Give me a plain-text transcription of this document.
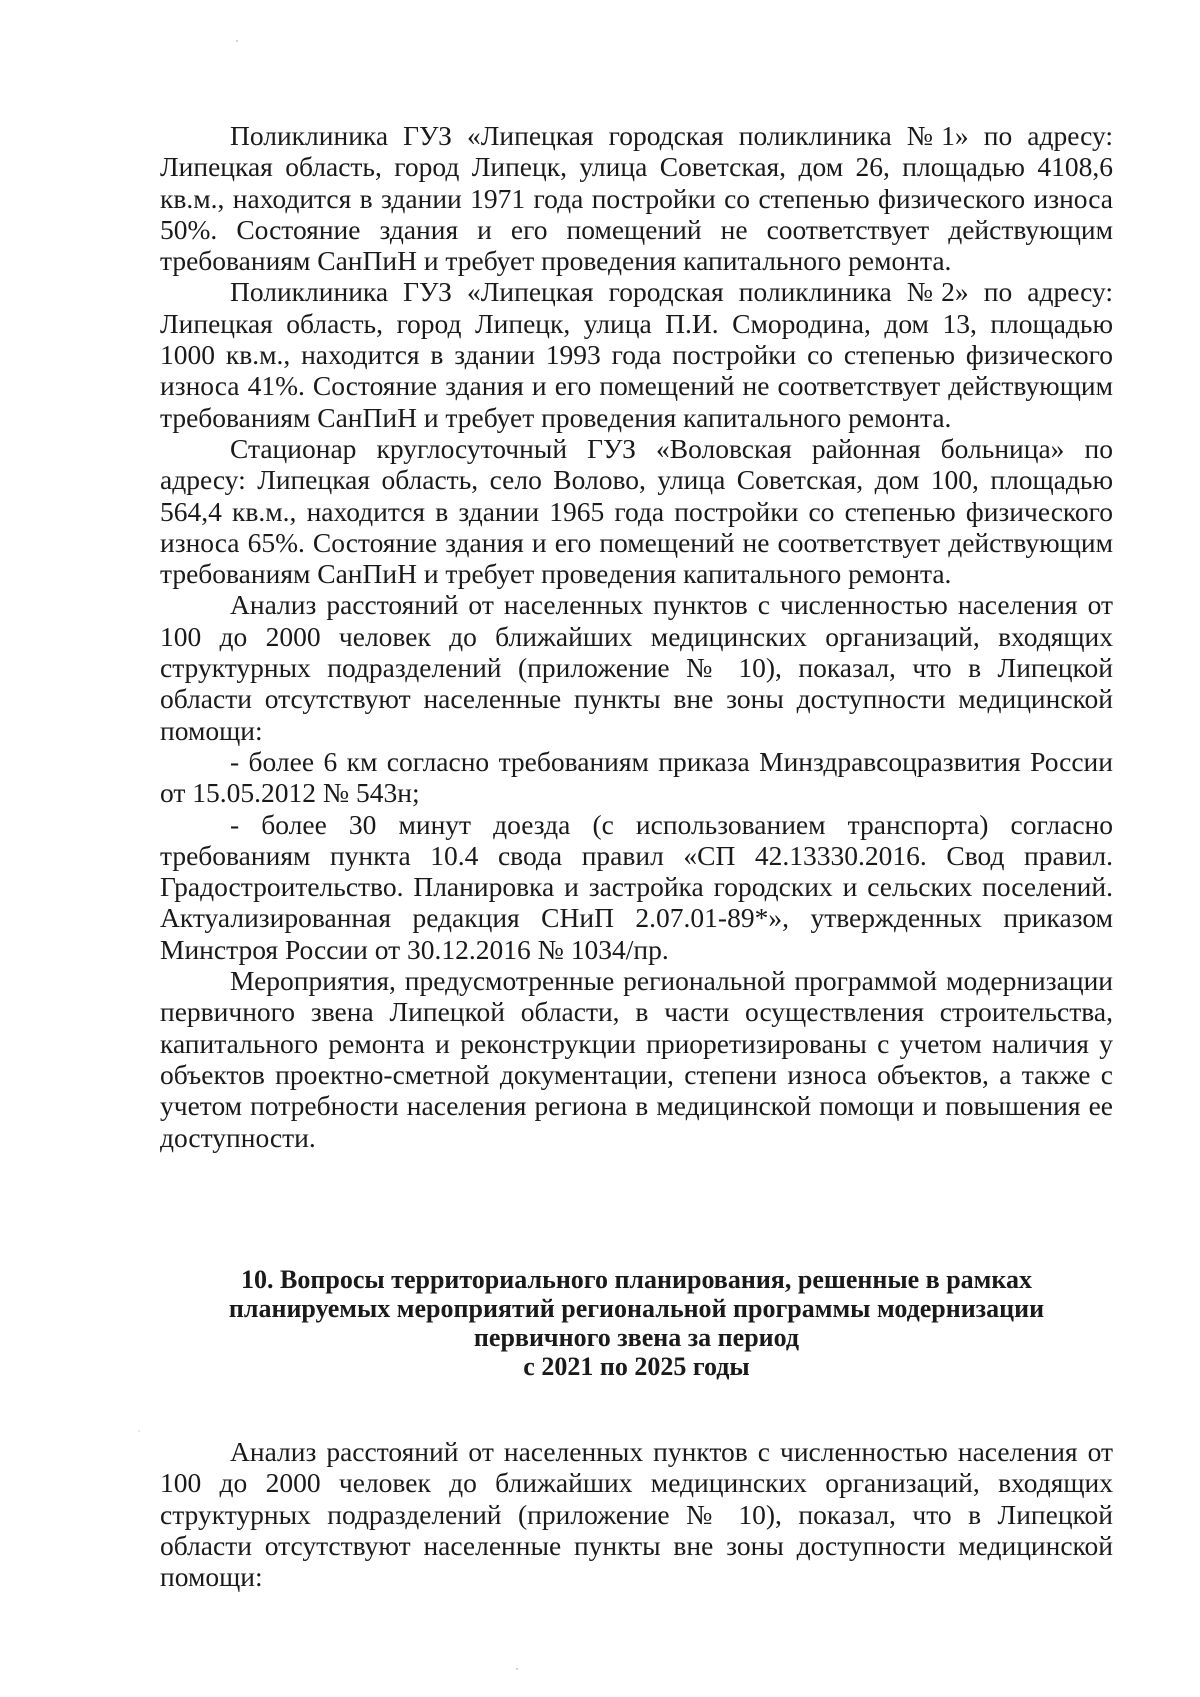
Поликлиника ГУЗ «Липецкая городская поликлиника №1» по адресу: Липецкая область, город Липецк, улица Советская, дом 26, площадью 4108,6 кв.м., находится в здании 1971 года постройки со степенью физического износа 50%. Состояние здания и его помещений не соответствует действующим требованиям СанПиН и требует проведения капитального ремонта.

Поликлиника ГУЗ «Липецкая городская поликлиника №2» по адресу: Липецкая область, город Липецк, улица П.И. Смородина, дом 13, площадью 1000 кв.м., находится в здании 1993 года постройки со степенью физического износа 41%. Состояние здания и его помещений не соответствует действующим требованиям СанПиН и требует проведения капитального ремонта.

Стационар круглосуточный ГУЗ «Воловская районная больница» по адресу: Липецкая область, село Волово, улица Советская, дом 100, площадью 564,4 кв.м., находится в здании 1965 года постройки со степенью физического износа 65%. Состояние здания и его помещений не соответствует действующим требованиям СанПиН и требует проведения капитального ремонта.

Анализ расстояний от населенных пунктов с численностью населения от 100 до 2000 человек до ближайших медицинских организаций, входящих структурных подразделений (приложение № 10), показал, что в Липецкой области отсутствуют населенные пункты вне зоны доступности медицинской помощи:

- более 6 км согласно требованиям приказа Минздравсоцразвития России от 15.05.2012 № 543н;

- более 30 минут доезда (с использованием транспорта) согласно требованиям пункта 10.4 свода правил «СП 42.13330.2016. Свод правил. Градостроительство. Планировка и застройка городских и сельских поселений. Актуализированная редакция СНиП 2.07.01-89*», утвержденных приказом Минстроя России от 30.12.2016 № 1034/пр.

Мероприятия, предусмотренные региональной программой модернизации первичного звена Липецкой области, в части осуществления строительства, капитального ремонта и реконструкции приоретизированы с учетом наличия у объектов проектно-сметной документации, степени износа объектов, а также с учетом потребности населения региона в медицинской помощи и повышения ее доступности.

10. Вопросы территориального планирования, решенные в рамках
планируемых мероприятий региональной программы модернизации
первичного звена за период
с 2021 по 2025 годы

Анализ расстояний от населенных пунктов с численностью населения от 100 до 2000 человек до ближайших медицинских организаций, входящих структурных подразделений (приложение № 10), показал, что в Липецкой области отсутствуют населенные пункты вне зоны доступности медицинской помощи:
